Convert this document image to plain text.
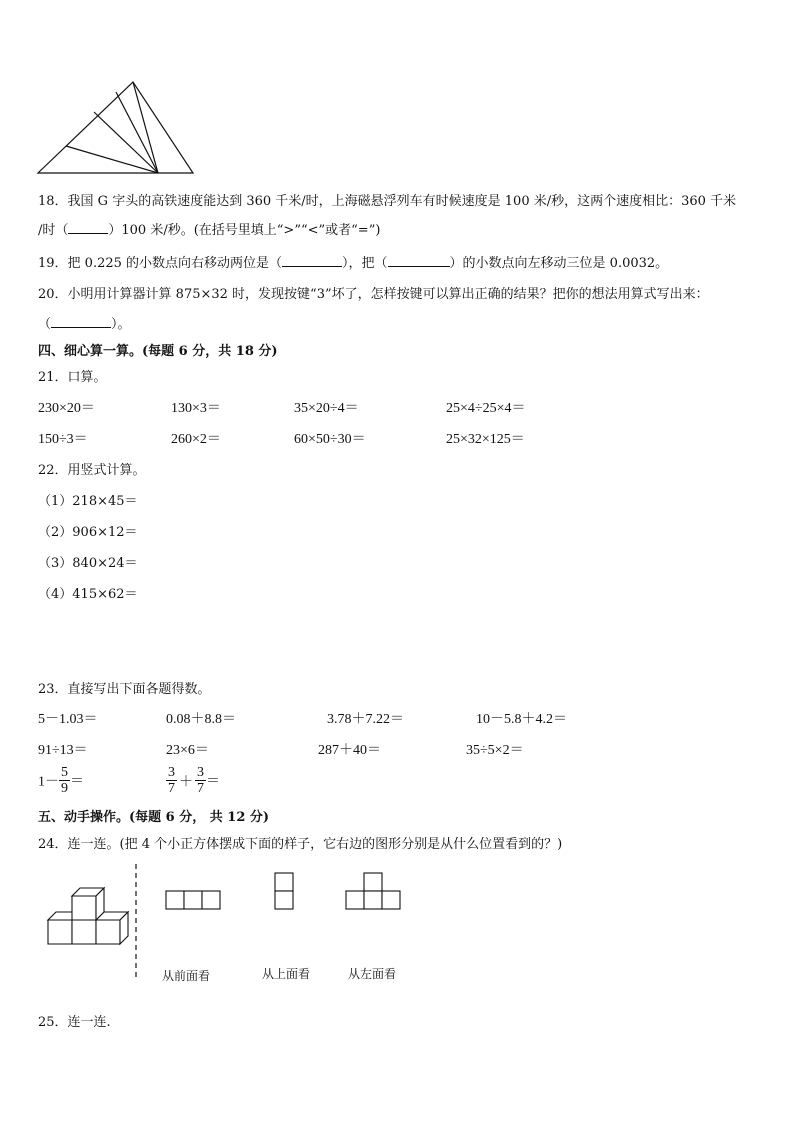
18．我国 G 字头的高铁速度能达到 360 千米/时，上海磁悬浮列车有时候速度是 100 米/秒，这两个速度相比：360 千米
/时（	）100 米/秒。(在括号里填上“>”“<”或者“=”)
19．把 0.225 的小数点向右移动两位是（	），把（	）的小数点向左移动三位是 0.0032。
20．小明用计算器计算 875×32 时，发现按键“3”坏了，怎样按键可以算出正确的结果？把你的想法用算式写出来：
（	）。
四、细心算一算。(每题 6 分，共 18 分)
21．口算。
230×20＝	130×3＝	35×20÷4＝	25×4÷25×4＝
150÷3＝	260×2＝	60×50÷30＝	25×32×125＝
22．用竖式计算。
（1）218×45＝
（2）906×12＝
（3）840×24＝
（4）415×62＝
23．直接写出下面各题得数。
5－1.03＝	0.08＋8.8＝	3.78＋7.22＝	10－5.8＋4.2＝
91÷13＝	23×6＝	287＋40＝	35÷5×2＝
$1- \frac{5}{9}$ ＝	$\frac{3}{7} + \frac{3}{7}$ ＝
五、动手操作。(每题 6 分， 共 12 分)
24．连一连。(把 4 个小正方体摆成下面的样子，它右边的图形分别是从什么位置看到的？)
从前面看	从上面看	从左面看
25．连一连.
